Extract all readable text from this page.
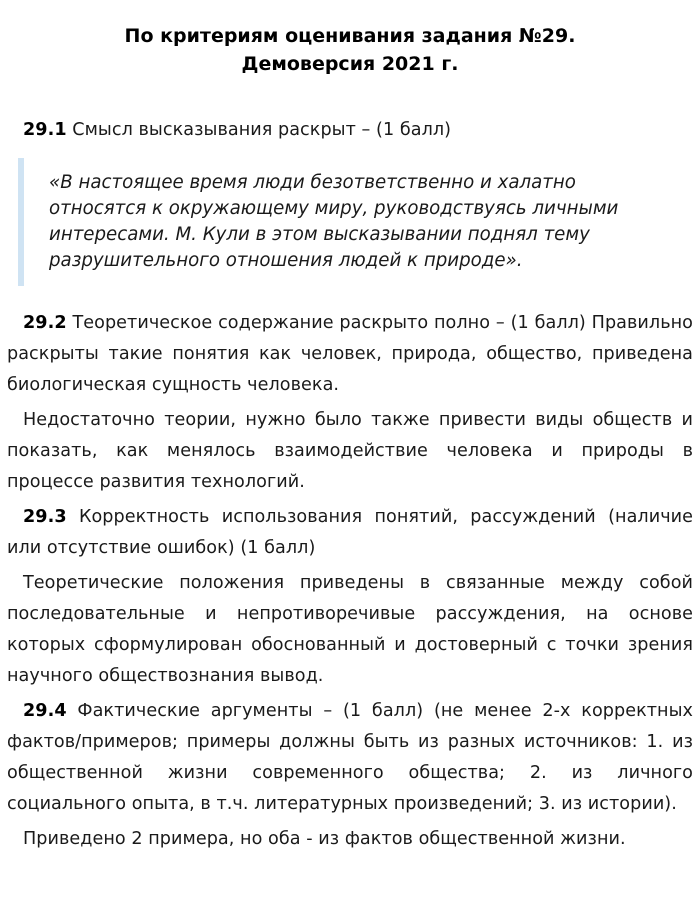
По критериям оценивания задания №29.
Демоверсия 2021 г.

29.1 Смысл высказывания раскрыт – (1 балл)

«В настоящее время люди безответственно и халатно относятся к окружающему миру, руководствуясь личными интересами. М. Кули в этом высказывании поднял тему разрушительного отношения людей к природе».

29.2 Теоретическое содержание раскрыто полно – (1 балл) Правильно раскрыты такие понятия как человек, природа, общество, приведена биологическая сущность человека.

Недостаточно теории, нужно было также привести виды обществ и показать, как менялось взаимодействие человека и природы в процессе развития технологий.

29.3 Корректность использования понятий, рассуждений (наличие или отсутствие ошибок) (1 балл)

Теоретические положения приведены в связанные между собой последовательные и непротиворечивые рассуждения, на основе которых сформулирован обоснованный и достоверный с точки зрения научного обществознания вывод.

29.4 Фактические аргументы – (1 балл) (не менее 2-х корректных фактов/примеров; примеры должны быть из разных источников: 1. из общественной жизни современного общества; 2. из личного социального опыта, в т.ч. литературных произведений; 3. из истории).

Приведено 2 примера, но оба - из фактов общественной жизни.
